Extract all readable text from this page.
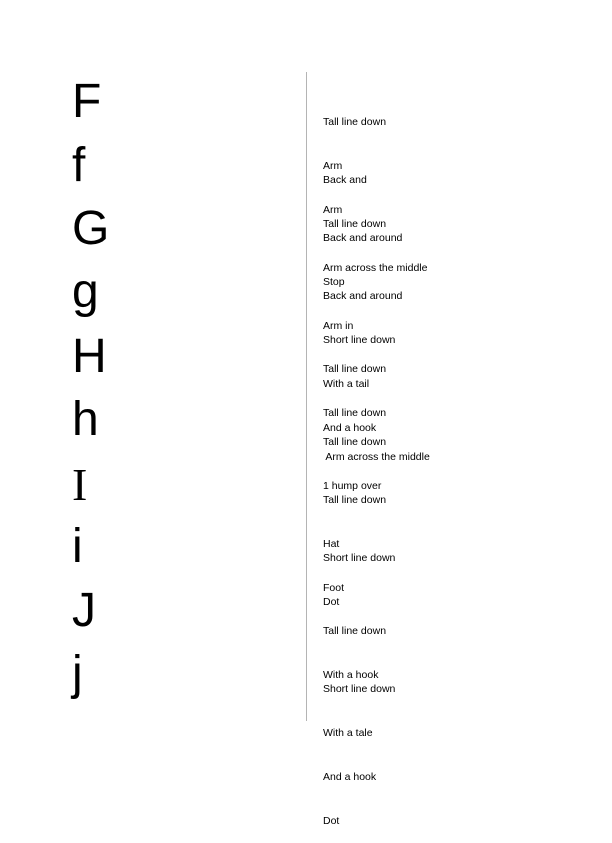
F
f
G
g
H
h
I
i
J
j

Tall line down

Arm

Arm

Back and

Tall line down

Arm across the middle

Back and around

Stop

Arm in

Back and around

Short line down

With a tail

And a hook

Tall line down

Tall line down

Arm across the middle

Tall line down

1 hump over

Tall line down

Hat

Foot

Short line down

Dot

Tall line down

With a hook

Short line down

With a tale

And a hook

Dot
